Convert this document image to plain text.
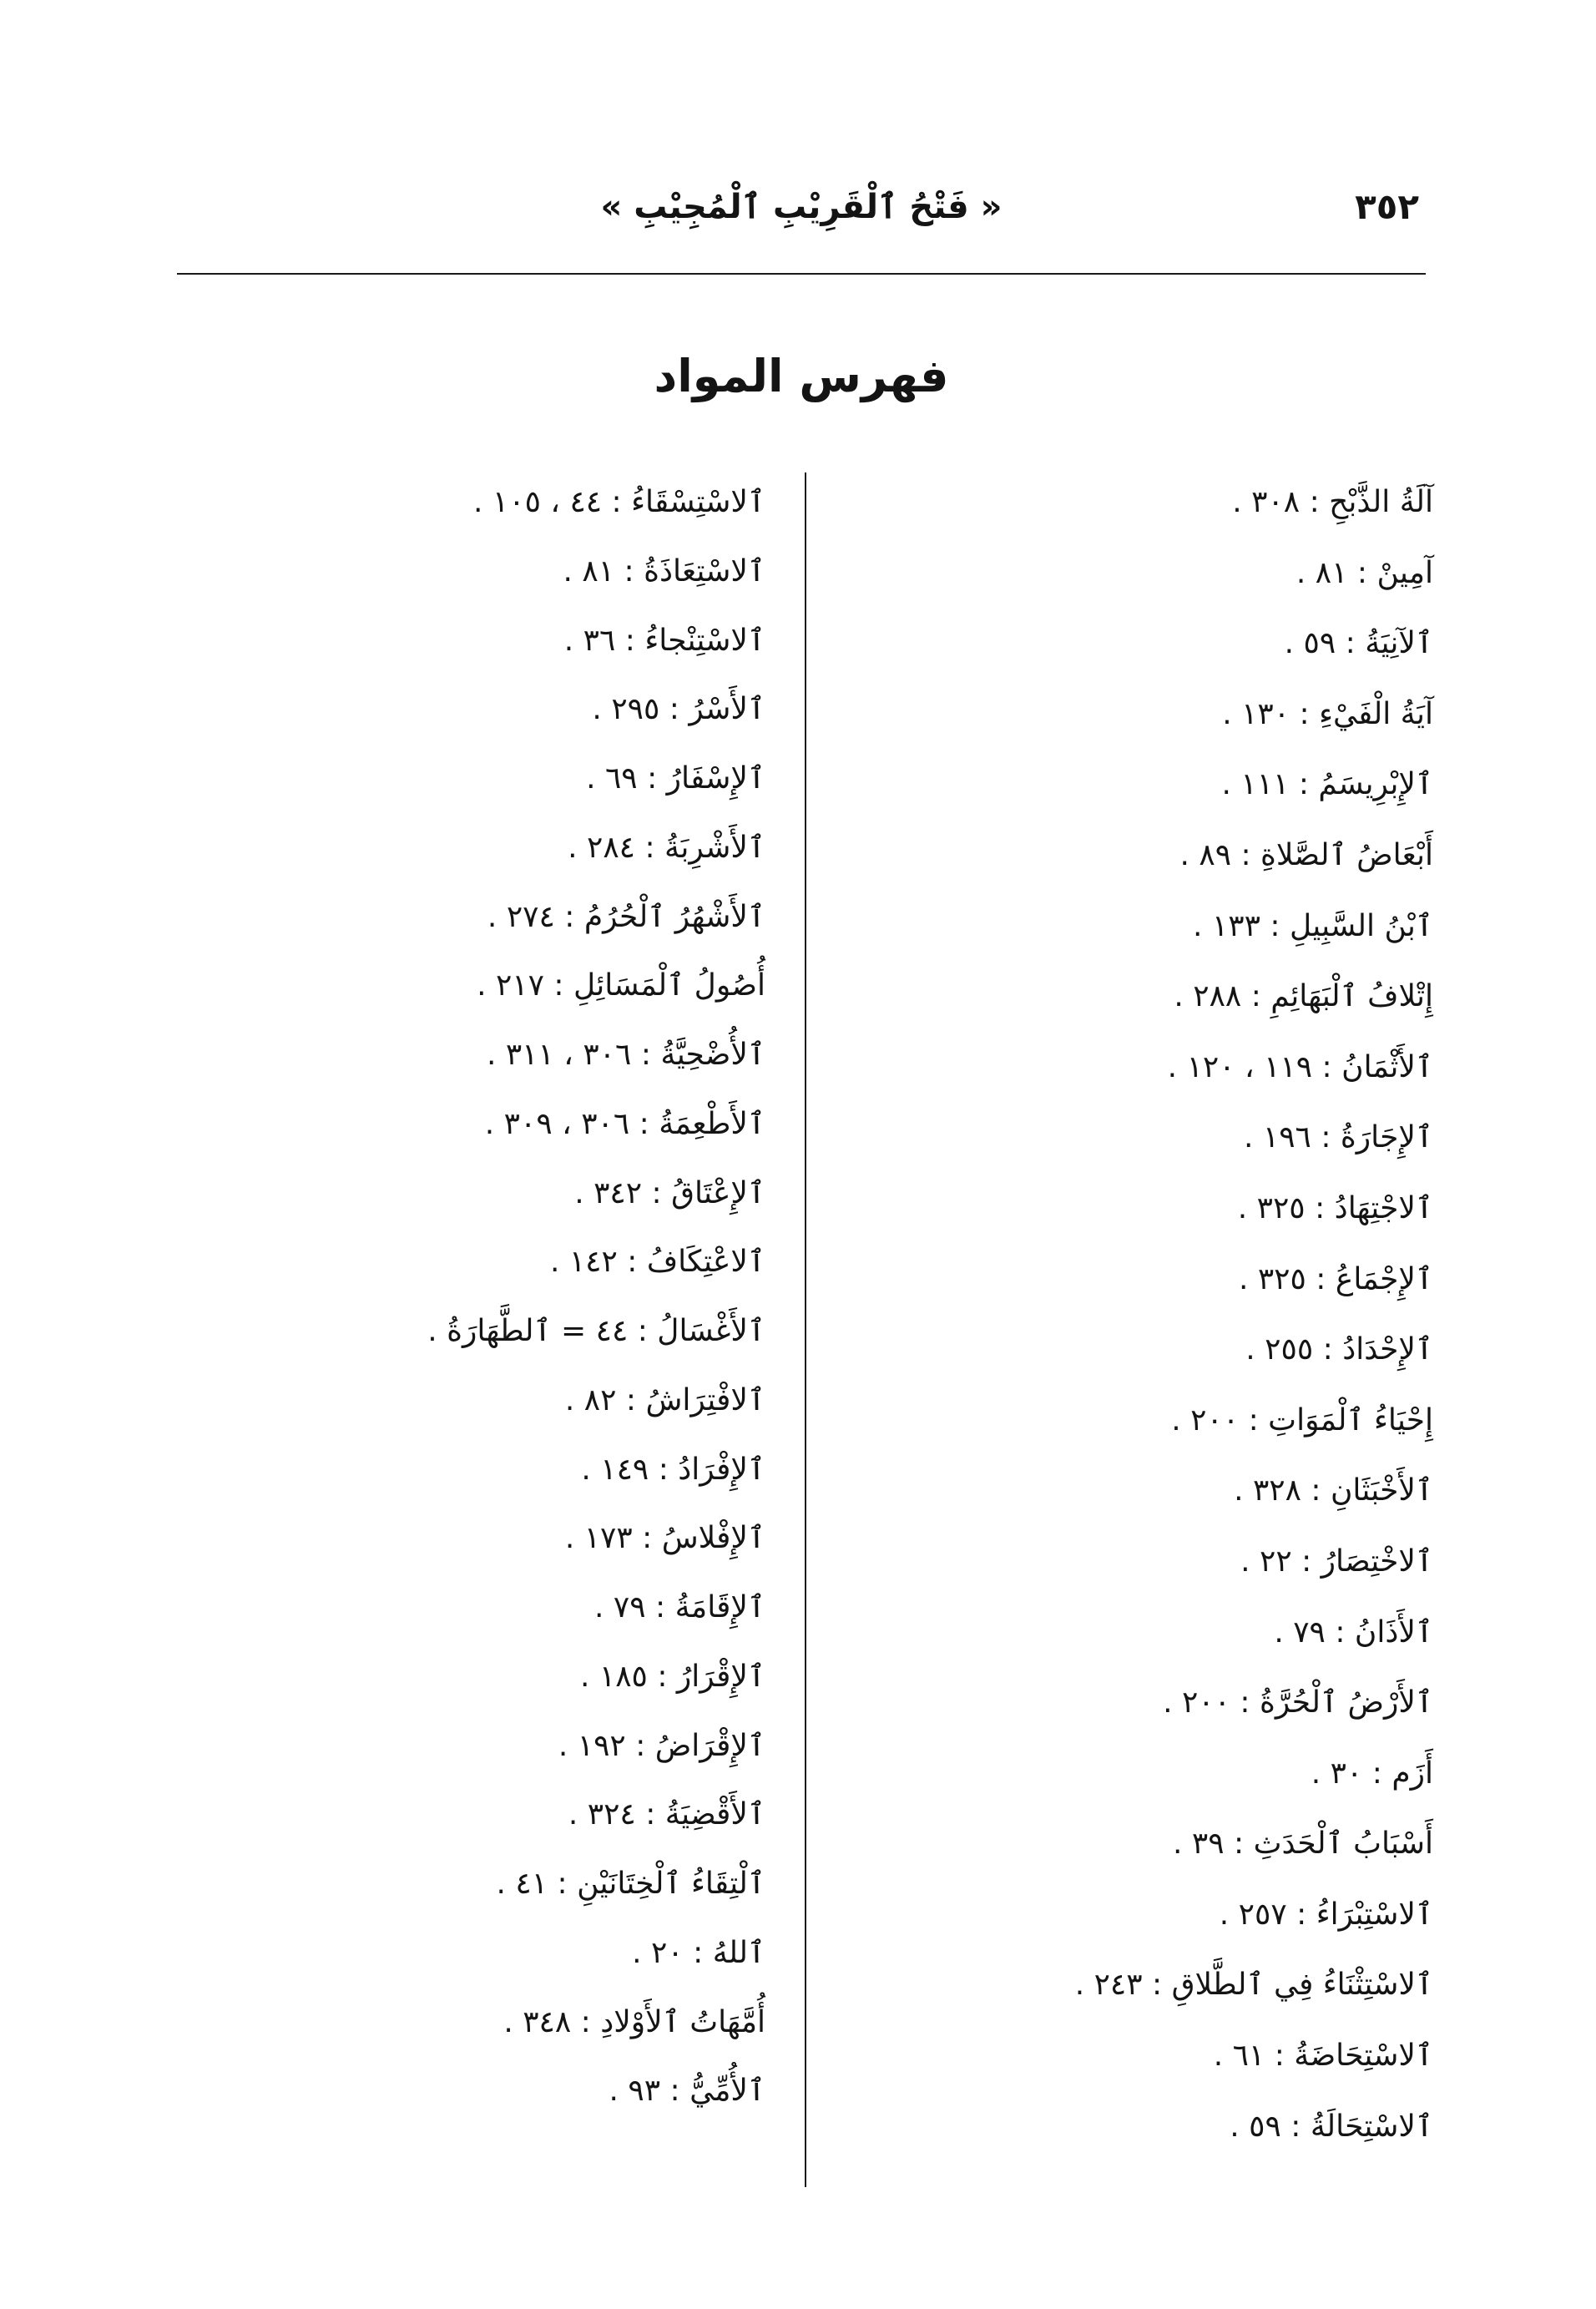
٣٥٢
« فَتْحُ ٱلْقَرِيْبِ ٱلْمُجِيْبِ »
فهرس المواد
آلَةُ الذَّبْحِ : ٣٠٨ .
آمِينْ : ٨١ .
ٱلآنِيَةُ : ٥٩ .
آيَةُ الْفَيْءِ : ١٣٠ .
ٱلإِبْرِيسَمُ : ١١١ .
أَبْعَاضُ ٱلصَّلاةِ : ٨٩ .
ٱبْنُ السَّبِيلِ : ١٣٣ .
إِتْلافُ ٱلْبَهَائِمِ : ٢٨٨ .
ٱلأَثْمَانُ : ١١٩ ، ١٢٠ .
ٱلإِجَارَةُ : ١٩٦ .
ٱلاجْتِهَادُ : ٣٢٥ .
ٱلإِجْمَاعُ : ٣٢٥ .
ٱلإِحْدَادُ : ٢٥٥ .
إِحْيَاءُ ٱلْمَوَاتِ : ٢٠٠ .
ٱلأَخْبَثَانِ : ٣٢٨ .
ٱلاخْتِصَارُ : ٢٢ .
ٱلأَذَانُ : ٧٩ .
ٱلأَرْضُ ٱلْحُرَّةُ : ٢٠٠ .
أَزَم : ٣٠ .
أَسْبَابُ ٱلْحَدَثِ : ٣٩ .
ٱلاسْتِبْرَاءُ : ٢٥٧ .
ٱلاسْتِثْنَاءُ فِي ٱلطَّلاقِ : ٢٤٣ .
ٱلاسْتِحَاضَةُ : ٦١ .
ٱلاسْتِحَالَةُ : ٥٩ .
ٱلاسْتِسْقَاءُ : ٤٤ ، ١٠٥ .
ٱلاسْتِعَاذَةُ : ٨١ .
ٱلاسْتِنْجاءُ : ٣٦ .
ٱلأَسْرُ : ٢٩٥ .
ٱلإِسْفَارُ : ٦٩ .
ٱلأَشْرِبَةُ : ٢٨٤ .
ٱلأَشْهُرُ ٱلْحُرُمُ : ٢٧٤ .
أُصُولُ ٱلْمَسَائِلِ : ٢١٧ .
ٱلأُضْحِيَّةُ : ٣٠٦ ، ٣١١ .
ٱلأَطْعِمَةُ : ٣٠٦ ، ٣٠٩ .
ٱلإِعْتَاقُ : ٣٤٢ .
ٱلاعْتِكَافُ : ١٤٢ .
ٱلأَغْسَالُ : ٤٤ = ٱلطَّهَارَةُ .
ٱلافْتِرَاشُ : ٨٢ .
ٱلإِفْرَادُ : ١٤٩ .
ٱلإِفْلاسُ : ١٧٣ .
ٱلإِقَامَةُ : ٧٩ .
ٱلإِقْرَارُ : ١٨٥ .
ٱلإِقْرَاضُ : ١٩٢ .
ٱلأَقْضِيَةُ : ٣٢٤ .
ٱلْتِقَاءُ ٱلْخِتَانَيْنِ : ٤١ .
ٱللهُ : ٢٠ .
أُمَّهَاتُ ٱلأَوْلادِ : ٣٤٨ .
ٱلأُمِّيُّ : ٩٣ .
